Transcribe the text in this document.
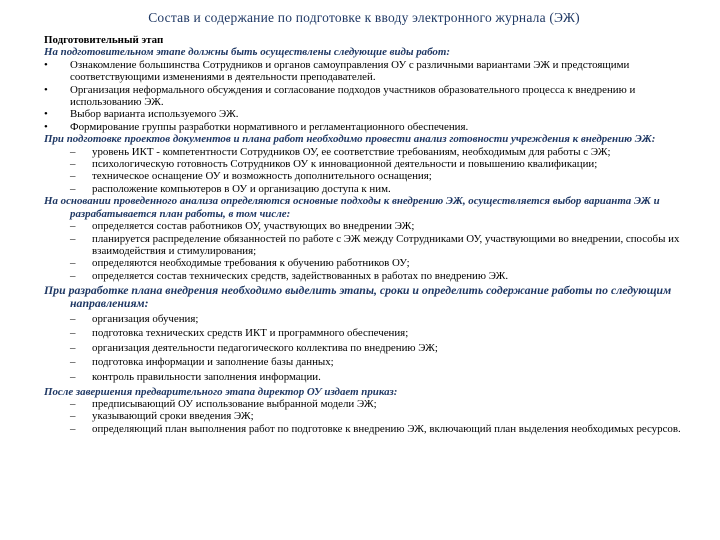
Состав и содержание по подготовке к вводу электронного журнала (ЭЖ)
Подготовительный этап
На подготовительном этапе должны быть осуществлены следующие виды работ:
•	Ознакомление большинства Сотрудников и органов самоуправления ОУ с различными вариантами ЭЖ и предстоящими соответствующими изменениями в деятельности преподавателей.
•	Организация неформального обсуждения и согласование подходов участников образовательного процесса к внедрению и использованию ЭЖ.
•	Выбор варианта используемого ЭЖ.
•	Формирование группы разработки нормативного и регламентационного обеспечения.
При подготовке проектов документов и плана работ необходимо провести анализ готовности учреждения к внедрению ЭЖ:
–	уровень ИКТ - компетентности Сотрудников ОУ, ее соответствие требованиям, необходимым для работы с ЭЖ;
–	психологическую готовность Сотрудников ОУ к инновационной деятельности и повышению квалификации;
–	техническое оснащение ОУ и возможность дополнительного оснащения;
–	расположение компьютеров в ОУ и организацию доступа к ним.
На основании проведенного анализа определяются основные подходы к внедрению ЭЖ, осуществляется выбор варианта ЭЖ и разрабатывается план работы, в том числе:
–	определяется состав работников ОУ, участвующих во внедрении ЭЖ;
–	планируется распределение обязанностей по работе с ЭЖ между Сотрудниками ОУ, участвующими во внедрении, способы их взаимодействия и стимулирования;
–	определяются необходимые требования к обучению работников ОУ;
–	определяется состав технических средств, задействованных в работах по внедрению ЭЖ.
При разработке плана внедрения необходимо выделить этапы, сроки и определить содержание работы по следующим направлениям:
–	организация обучения;
–	подготовка технических средств ИКТ и программного обеспечения;
–	организация деятельности педагогического коллектива по внедрению ЭЖ;
–	подготовка информации и заполнение базы данных;
–	контроль правильности заполнения информации.
После завершения предварительного этапа директор ОУ издает приказ:
–	предписывающий ОУ использование выбранной модели ЭЖ;
–	указывающий сроки введения ЭЖ;
–	определяющий план выполнения работ по подготовке к внедрению ЭЖ, включающий план выделения необходимых ресурсов.
